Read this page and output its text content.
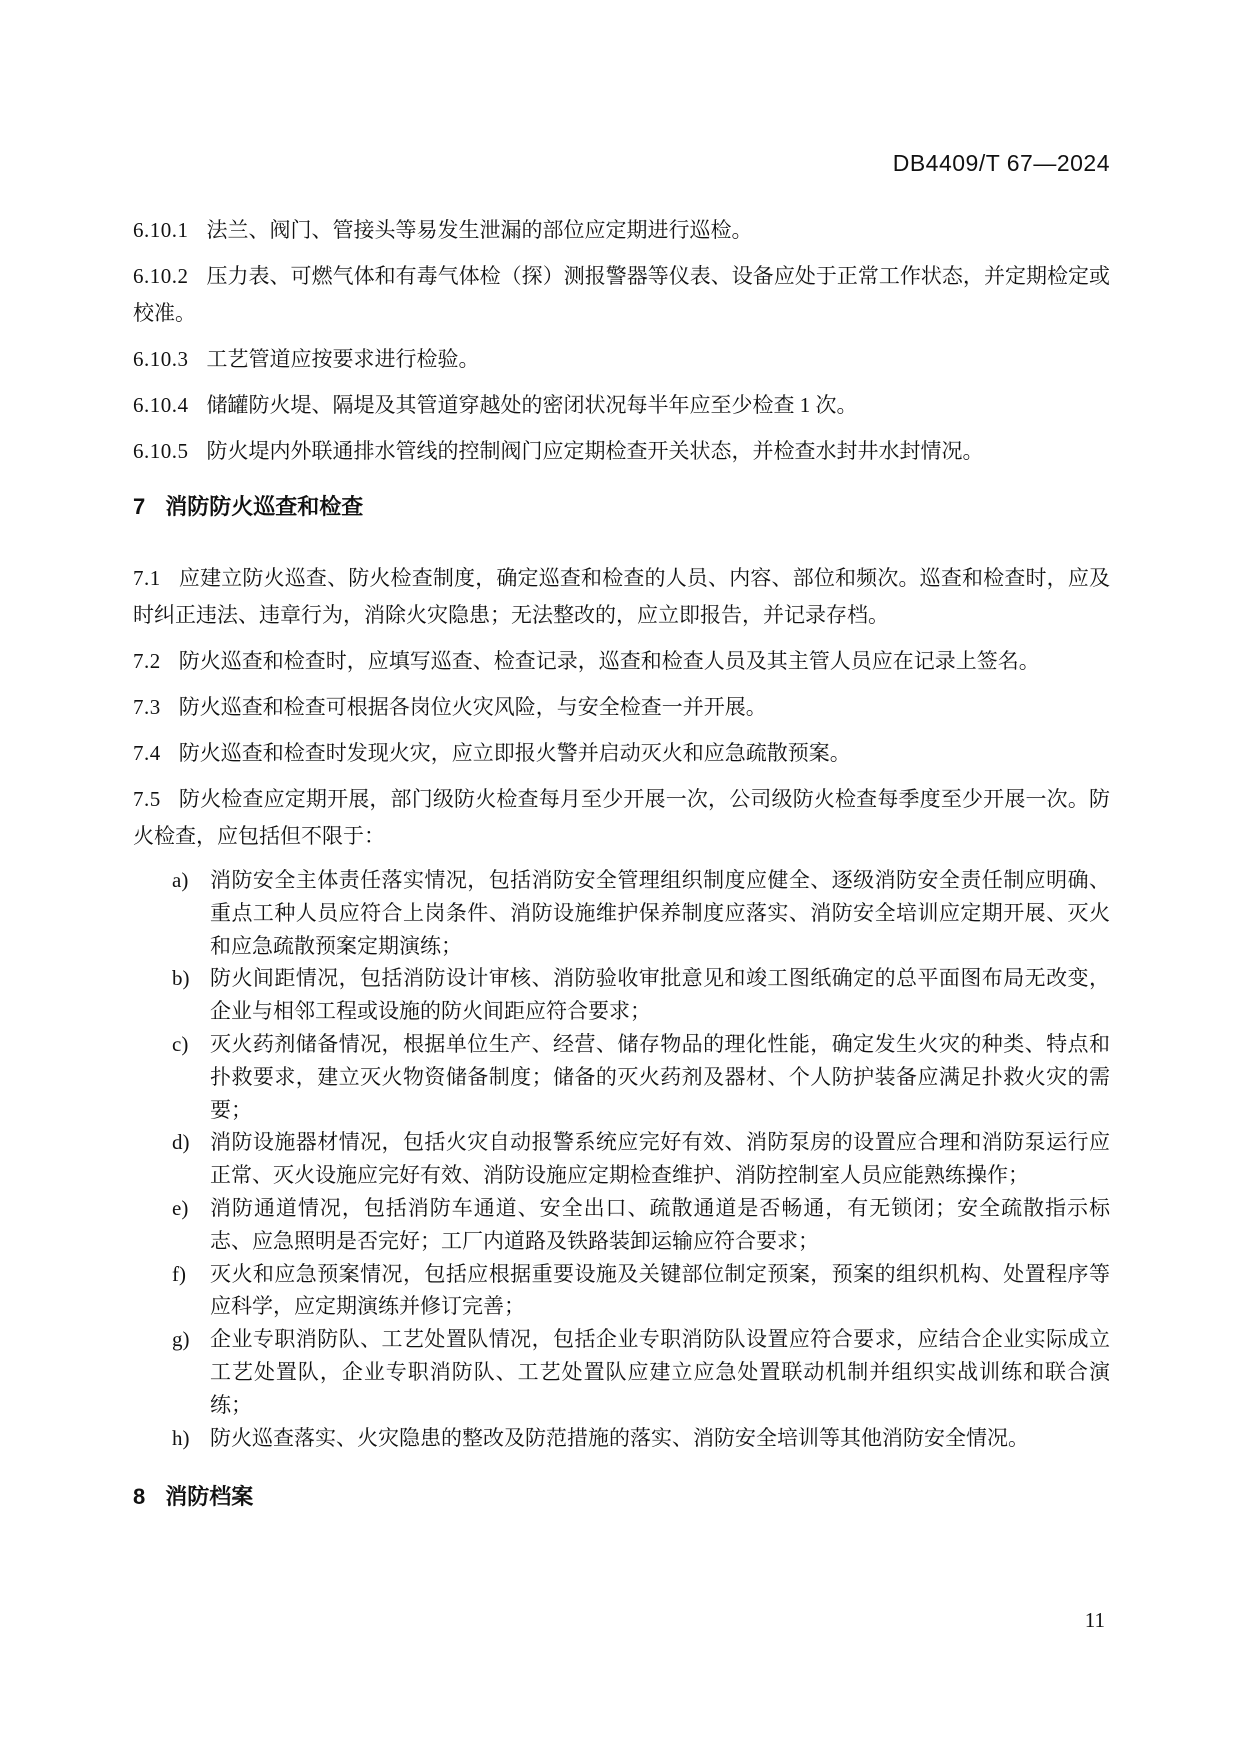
DB4409/T 67—2024

6.10.1 法兰、阀门、管接头等易发生泄漏的部位应定期进行巡检。

6.10.2 压力表、可燃气体和有毒气体检（探）测报警器等仪表、设备应处于正常工作状态，并定期检定或校准。

6.10.3 工艺管道应按要求进行检验。

6.10.4 储罐防火堤、隔堤及其管道穿越处的密闭状况每半年应至少检查 1 次。

6.10.5 防火堤内外联通排水管线的控制阀门应定期检查开关状态，并检查水封井水封情况。

7 消防防火巡查和检查

7.1 应建立防火巡查、防火检查制度，确定巡查和检查的人员、内容、部位和频次。巡查和检查时，应及时纠正违法、违章行为，消除火灾隐患；无法整改的，应立即报告，并记录存档。

7.2 防火巡查和检查时，应填写巡查、检查记录，巡查和检查人员及其主管人员应在记录上签名。

7.3 防火巡查和检查可根据各岗位火灾风险，与安全检查一并开展。

7.4 防火巡查和检查时发现火灾，应立即报火警并启动灭火和应急疏散预案。

7.5 防火检查应定期开展，部门级防火检查每月至少开展一次，公司级防火检查每季度至少开展一次。防火检查，应包括但不限于：

a)	消防安全主体责任落实情况，包括消防安全管理组织制度应健全、逐级消防安全责任制应明确、重点工种人员应符合上岗条件、消防设施维护保养制度应落实、消防安全培训应定期开展、灭火和应急疏散预案定期演练；
b) 防火间距情况，包括消防设计审核、消防验收审批意见和竣工图纸确定的总平面图布局无改变，企业与相邻工程或设施的防火间距应符合要求；
c)	灭火药剂储备情况，根据单位生产、经营、储存物品的理化性能，确定发生火灾的种类、特点和扑救要求，建立灭火物资储备制度；储备的灭火药剂及器材、个人防护装备应满足扑救火灾的需要；
d) 消防设施器材情况，包括火灾自动报警系统应完好有效、消防泵房的设置应合理和消防泵运行应正常、灭火设施应完好有效、消防设施应定期检查维护、消防控制室人员应能熟练操作；
e)	消防通道情况，包括消防车通道、安全出口、疏散通道是否畅通，有无锁闭；安全疏散指示标志、应急照明是否完好；工厂内道路及铁路装卸运输应符合要求；
f)	灭火和应急预案情况，包括应根据重要设施及关键部位制定预案，预案的组织机构、处置程序等应科学，应定期演练并修订完善；
g) 企业专职消防队、工艺处置队情况，包括企业专职消防队设置应符合要求，应结合企业实际成立工艺处置队，企业专职消防队、工艺处置队应建立应急处置联动机制并组织实战训练和联合演练；
h) 防火巡查落实、火灾隐患的整改及防范措施的落实、消防安全培训等其他消防安全情况。
8 消防档案
11
